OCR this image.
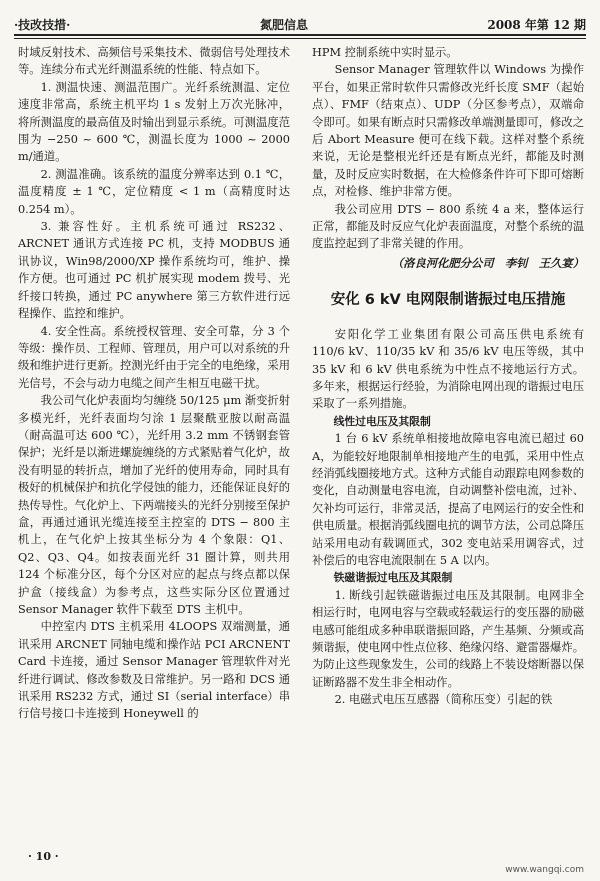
·技改技措·	氮肥信息	2008 年第 12 期

时域反射技术、高频信号采集技术、微弱信号处理技术等。连续分布式光纤测温系统的性能、特点如下。

1. 测温快速、测温范围广。光纤系统测温、定位速度非常高，系统主机平均 1 s 发射上万次光脉冲，将所测温度的最高值及时输出到显示系统。可测温度范围为 −250 ~ 600 ℃，测温长度为 1000 ~ 2000 m/通道。

2. 测温准确。该系统的温度分辨率达到 0.1 ℃，温度精度 ± 1 ℃，定位精度 < 1 m（高精度时达 0.254 m）。

3. 兼容性好。主机系统可通过 RS232、ARCNET 通讯方式连接 PC 机，支持 MODBUS 通讯协议，Win98/2000/XP 操作系统均可，维护、操作方便。也可通过 PC 机扩展实现 modem 拨号、光纤接口转换，通过 PC anywhere 第三方软件进行远程操作、监控和维护。

4. 安全性高。系统授权管理、安全可靠，分 3 个等级：操作员、工程师、管理员，用户可以对系统的升级和维护进行更新。控测光纤由于完全的电绝缘，采用光信号，不会与动力电缆之间产生相互电磁干扰。

我公司气化炉表面均匀缠绕 50/125 μm 渐变折射多模光纤，光纤表面均匀涂 1 层聚酰亚胺以耐高温（耐高温可达 600 ℃），光纤用 3.2 mm 不锈钢套管保护；光纤是以渐进螺旋缠绕的方式紧贴着气化炉，故没有明显的转折点，增加了光纤的使用寿命，同时具有极好的机械保护和抗化学侵蚀的能力，还能保证良好的热传导性。气化炉上、下两端接头的光纤分别接至保护盒，再通过通讯光缆连接至主控室的 DTS − 800 主机上，在气化炉上按其坐标分为 4 个象限：Q1、Q2、Q3、Q4。如按表面光纤 31 圈计算，则共用 124 个标准分区，每个分区对应的起点与终点都以保护盒（接线盒）为参考点，这些实际分区位置通过 Sensor Manager 软件下载至 DTS 主机中。

中控室内 DTS 主机采用 4LOOPS 双端测量，通讯采用 ARCNET 同轴电缆和操作站 PCI ARCNENT Card 卡连接，通过 Sensor Manager 管理软件对光纤进行调试、修改参数及日常维护。另一路和 DCS 通讯采用 RS232 方式，通过 SI（serial interface）串行信号接口卡连接到 Honeywell 的

HPM 控制系统中实时显示。

Sensor Manager 管理软件以 Windows 为操作平台，如果正常时软件只需修改光纤长度 SMF（起始点）、FMF（结束点）、UDP（分区参考点），双端命令即可。如果有断点时只需修改单端测量即可，修改之后 Abort Measure 便可在线下载。这样对整个系统来说，无论是整根光纤还是有断点光纤，都能及时测量，及时反应实时数据，在大检修条件许可下即可熔断点，对检修、维护非常方便。

我公司应用 DTS − 800 系统 4 a 来，整体运行正常，都能及时反应气化炉表面温度，对整个系统的温度监控起到了非常关键的作用。

（洛良河化肥分公司　李钊　王久宴）

安化 6 kV 电网限制谐振过电压措施

安阳化学工业集团有限公司高压供电系统有 110/6 kV、110/35 kV 和 35/6 kV 电压等级，其中 35 kV 和 6 kV 供电系统为中性点不接地运行方式。多年来，根据运行经验，为消除电网出现的谐振过电压采取了一系列措施。

线性过电压及其限制

1 台 6 kV 系统单相接地故障电容电流已超过 60 A，为能较好地限制单相接地产生的电弧，采用中性点经消弧线圈接地方式。这种方式能自动跟踪电网参数的变化，自动测量电容电流，自动调整补偿电流，过补、欠补均可运行，非常灵活，提高了电网运行的安全性和供电质量。根据消弧线圈电抗的调节方法，公司总降压站采用电动有载调匝式，302 变电站采用调容式，过补偿后的电容电流限制在 5 A 以内。

铁磁谐振过电压及其限制

1. 断线引起铁磁谐振过电压及其限制。电网非全相运行时，电网电容与空载或轻载运行的变压器的励磁电感可能组成多种串联谐振回路，产生基频、分频或高频谐振，使电网中性点位移、绝缘闪络、避雷器爆炸。为防止这些现象发生，公司的线路上不装设熔断器以保证断路器不发生非全相动作。

2. 电磁式电压互感器（简称压变）引起的铁

· 10 ·
www.wangqi.com
